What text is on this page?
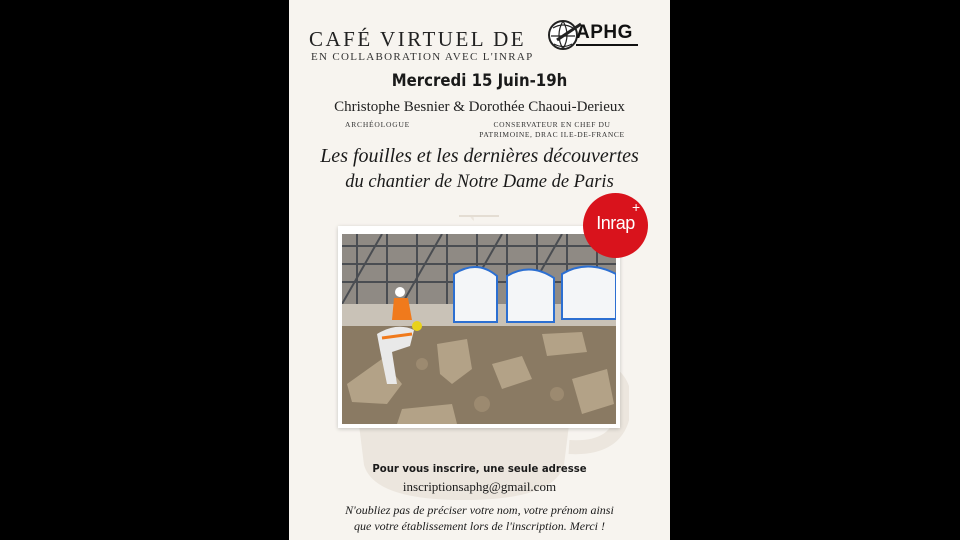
CAFÉ VIRTUEL DE	APHG
EN COLLABORATION AVEC L'INRAP
Mercredi 15 Juin-19h
Christophe Besnier & Dorothée Chaoui-Derieux
ARCHÉOLOGUE	CONSERVATEUR EN CHEF DU PATRIMOINE, DRAC ILE-DE-FRANCE
Les fouilles et les dernières découvertes
du chantier de Notre Dame de Paris
Inrap
+
Pour vous inscrire, une seule adresse
inscriptionsaphg@gmail.com
N'oubliez pas de préciser votre nom, votre prénom ainsi
que votre établissement lors de l'inscription. Merci !
